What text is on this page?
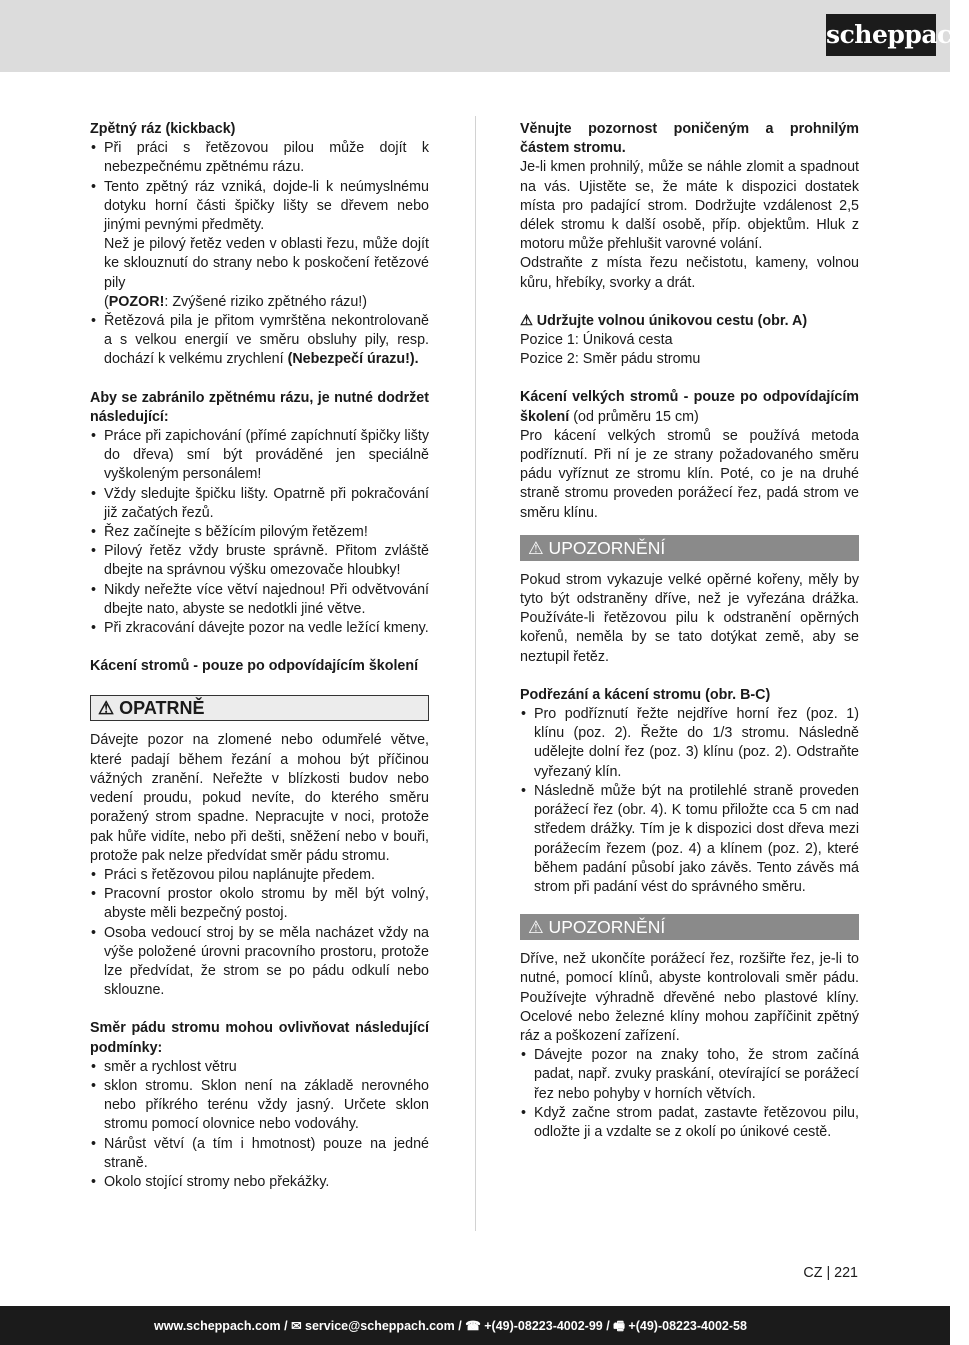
scheppach

Zpětný ráz (kickback)

• Při práci s řetězovou pilou může dojít k nebezpečnému zpětnému rázu.
• Tento zpětný ráz vzniká, dojde-li k neúmyslnému dotyku horní části špičky lišty se dřevem nebo jinými pevnými předměty.
Než je pilový řetěz veden v oblasti řezu, může dojít ke sklouznutí do strany nebo k poskočení řetězové pily
(POZOR!: Zvýšené riziko zpětného rázu!)
• Řetězová pila je přitom vymrštěna nekontrolovaně a s velkou energií ve směru obsluhy pily, resp. dochází k velkému zrychlení (Nebezpečí úrazu!).

Aby se zabránilo zpětnému rázu, je nutné dodržet následující:

• Práce při zapichování (přímé zapíchnutí špičky lišty do dřeva) smí být prováděné jen speciálně vyškoleným personálem!
• Vždy sledujte špičku lišty. Opatrně při pokračování již začatých řezů.
• Řez začínejte s běžícím pilovým řetězem!
• Pilový řetěz vždy bruste správně. Přitom zvláště dbejte na správnou výšku omezovače hloubky!
• Nikdy neřežte více větví najednou! Při odvětvování dbejte nato, abyste se nedotkli jiné větve.
• Při zkracování dávejte pozor na vedle ležící kmeny.

Kácení stromů - pouze po odpovídajícím školení

⚠ OPATRNĚ

Dávejte pozor na zlomené nebo odumřelé větve, které padají během řezání a mohou být příčinou vážných zranění. Neřežte v blízkosti budov nebo vedení proudu, pokud nevíte, do kterého směru poražený strom spadne. Nepracujte v noci, protože pak hůře vidíte, nebo při dešti, sněžení nebo v bouři, protože pak nelze předvídat směr pádu stromu.

• Práci s řetězovou pilou naplánujte předem.
• Pracovní prostor okolo stromu by měl být volný, abyste měli bezpečný postoj.
• Osoba vedoucí stroj by se měla nacházet vždy na výše položené úrovni pracovního prostoru, protože lze předvídat, že strom se po pádu odkulí nebo sklouzne.

Směr pádu stromu mohou ovlivňovat následující podmínky:

• směr a rychlost větru
• sklon stromu. Sklon není na základě nerovného nebo příkrého terénu vždy jasný. Určete sklon stromu pomocí olovnice nebo vodováhy.
• Nárůst větví (a tím i hmotnost) pouze na jedné straně.
• Okolo stojící stromy nebo překážky.

Věnujte pozornost poničeným a prohnilým částem stromu.

Je-li kmen prohnilý, může se náhle zlomit a spadnout na vás. Ujistěte se, že máte k dispozici dostatek místa pro padající strom. Dodržujte vzdálenost 2,5 délek stromu k další osobě, příp. objektům. Hluk z motoru může přehlušit varovné volání.

Odstraňte z místa řezu nečistotu, kameny, volnou kůru, hřebíky, svorky a drát.

⚠ Udržujte volnou únikovou cestu (obr. A)

Pozice 1: Úniková cesta

Pozice 2: Směr pádu stromu

Kácení velkých stromů - pouze po odpovídajícím školení (od průměru 15 cm)

Pro kácení velkých stromů se používá metoda podříznutí. Při ní je ze strany požadovaného směru pádu vyříznut ze stromu klín. Poté, co je na druhé straně stromu proveden porážecí řez, padá strom ve směru klínu.

⚠ UPOZORNĚNÍ

Pokud strom vykazuje velké opěrné kořeny, měly by tyto být odstraněny dříve, než je vyřezána drážka. Používáte-li řetězovou pilu k odstranění opěrných kořenů, neměla by se tato dotýkat země, aby se neztupil řetěz.

Podřezání a kácení stromu (obr. B-C)

• Pro podříznutí řežte nejdříve horní řez (poz. 1) klínu (poz. 2). Řežte do 1/3 stromu. Následně udělejte dolní řez (poz. 3) klínu (poz. 2). Odstraňte vyřezaný klín.
• Následně může být na protilehlé straně proveden porážecí řez (obr. 4). K tomu přiložte cca 5 cm nad středem drážky. Tím je k dispozici dost dřeva mezi porážecím řezem (poz. 4) a klínem (poz. 2), které během padání působí jako závěs. Tento závěs má strom při padání vést do správného směru.
⚠ UPOZORNĚNÍ

Dříve, než ukončíte porážecí řez, rozšiřte řez, je-li to nutné, pomocí klínů, abyste kontrolovali směr pádu. Používejte výhradně dřevěné nebo plastové klíny. Ocelové nebo železné klíny mohou zapříčinit zpětný ráz a poškození zařízení.

• Dávejte pozor na znaky toho, že strom začíná padat, např. zvuky praskání, otevírající se porážecí řez nebo pohyby v horních větvích.
• Když začne strom padat, zastavte řetězovou pilu, odložte ji a vzdalte se z okolí po únikové cestě.
CZ | 221
www.scheppach.com / ✉ service@scheppach.com / ☎ +(49)-08223-4002-99 / 🖷 +(49)-08223-4002-58
